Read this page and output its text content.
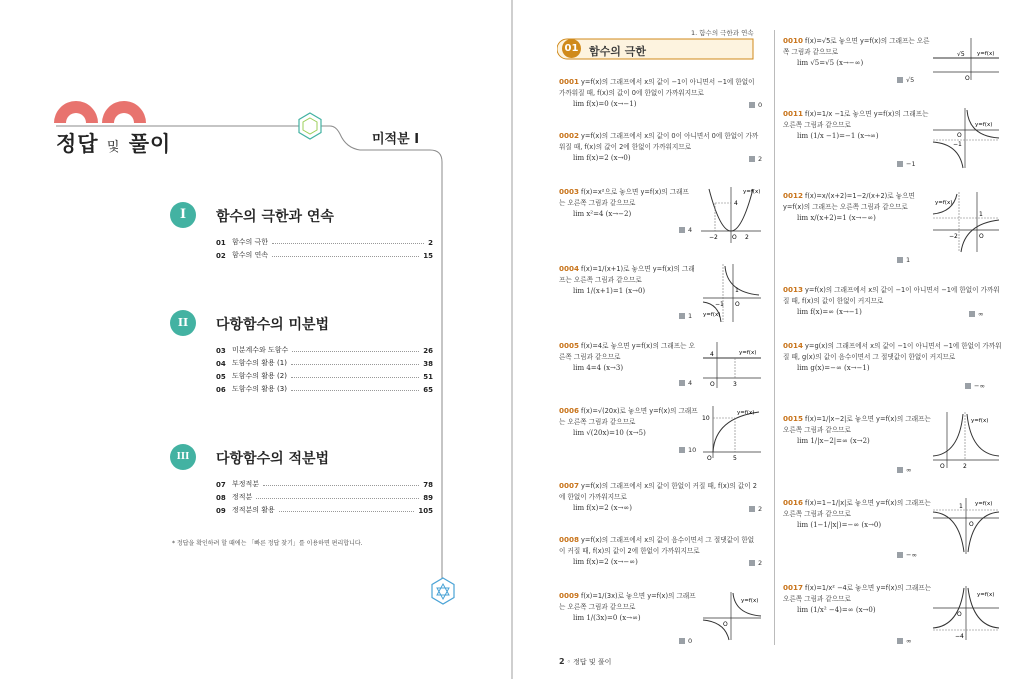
정답 및 풀이	미적분 I
I	함수의 극한과 연속
01 함수의 극한	2
02 함수의 연속	15
II	다항함수의 미분법
03 미분계수와 도함수	26
04 도함수의 활용 (1)	38
05 도함수의 활용 (2)	51
06 도함수의 활용 (3)	65
III	다항함수의 적분법
07 부정적분	78
08 정적분	89
09 정적분의 활용	105
* 정답을 확인하려 할 때에는 「빠른 정답 찾기」를 이용하면 편리합니다.
1. 함수의 극한과 연속
01 함수의 극한
0001 y=f(x)의 그래프에서 x의 값이 −1이 아니면서 −1에 한없이 가까워질 때, f(x)의 값이 0에 한없이 가까워지므로
lim f(x)=0 (x→−1)	0
0002 y=f(x)의 그래프에서 x의 값이 0이 아니면서 0에 한없이 가까워질 때, f(x)의 값이 2에 한없이 가까워지므로
lim f(x)=2 (x→0)	2
0003 f(x)=x²으로 놓으면 y=f(x)의 그래프는 오른쪽 그림과 같으므로
lim x²=4 (x→−2)
4
4
−2	2
O
y=f(x)
0004 f(x)=1/(x+1)로 놓으면 y=f(x)의 그래프는 오른쪽 그림과 같으므로
lim 1/(x+1)=1 (x→0)
1
1
−1 O
y=f(x)
0005 f(x)=4로 놓으면 y=f(x)의 그래프는 오른쪽 그림과 같으므로
lim 4=4 (x→3)
4
4
3
O
y=f(x)
0006 f(x)=√(20x)로 놓으면 y=f(x)의 그래프는 오른쪽 그림과 같으므로
lim √(20x)=10 (x→5)
10
10
5
O
y=f(x)
0007 y=f(x)의 그래프에서 x의 값이 한없이 커질 때, f(x)의 값이 2에 한없이 가까워지므로
lim f(x)=2 (x→∞)	2
0008 y=f(x)의 그래프에서 x의 값이 음수이면서 그 절댓값이 한없이 커질 때, f(x)의 값이 2에 한없이 가까워지므로
lim f(x)=2 (x→−∞)	2
0009 f(x)=1/(3x)로 놓으면 y=f(x)의 그래프는 오른쪽 그림과 같으므로
lim 1/(3x)=0 (x→∞)
0
O
y=f(x)
0010 f(x)=√5로 놓으면 y=f(x)의 그래프는 오른쪽 그림과 같으므로
lim √5=√5 (x→−∞)
√5
√5
O
y=f(x)
0011 f(x)=1/x −1로 놓으면 y=f(x)의 그래프는 오른쪽 그림과 같으므로
lim (1/x −1)=−1 (x→∞)
−1
−1
O
y=f(x)
0012 f(x)=x/(x+2)=1−2/(x+2)로 놓으면 y=f(x)의 그래프는 오른쪽 그림과 같으므로
lim x/(x+2)=1 (x→−∞)
1
1
−2	O
y=f(x)
0013 y=f(x)의 그래프에서 x의 값이 −1이 아니면서 −1에 한없이 가까워질 때, f(x)의 값이 한없이 커지므로
lim f(x)=∞ (x→−1)	∞
0014 y=g(x)의 그래프에서 x의 값이 −1이 아니면서 −1에 한없이 가까워질 때, g(x)의 값이 음수이면서 그 절댓값이 한없이 커지므로
lim g(x)=−∞ (x→−1)
−∞
0015 f(x)=1/|x−2|로 놓으면 y=f(x)의 그래프는 오른쪽 그림과 같으므로
lim 1/|x−2|=∞ (x→2)
∞	2
O
y=f(x)
0016 f(x)=1−1/|x|로 놓으면 y=f(x)의 그래프는 오른쪽 그림과 같으므로
lim (1−1/|x|)=−∞ (x→0)
−∞
1
O
y=f(x)
0017 f(x)=1/x² −4로 놓으면 y=f(x)의 그래프는 오른쪽 그림과 같으므로
lim (1/x² −4)=∞ (x→0)
∞
−4
O
y=f(x)
2 ◦ 정답 및 풀이
